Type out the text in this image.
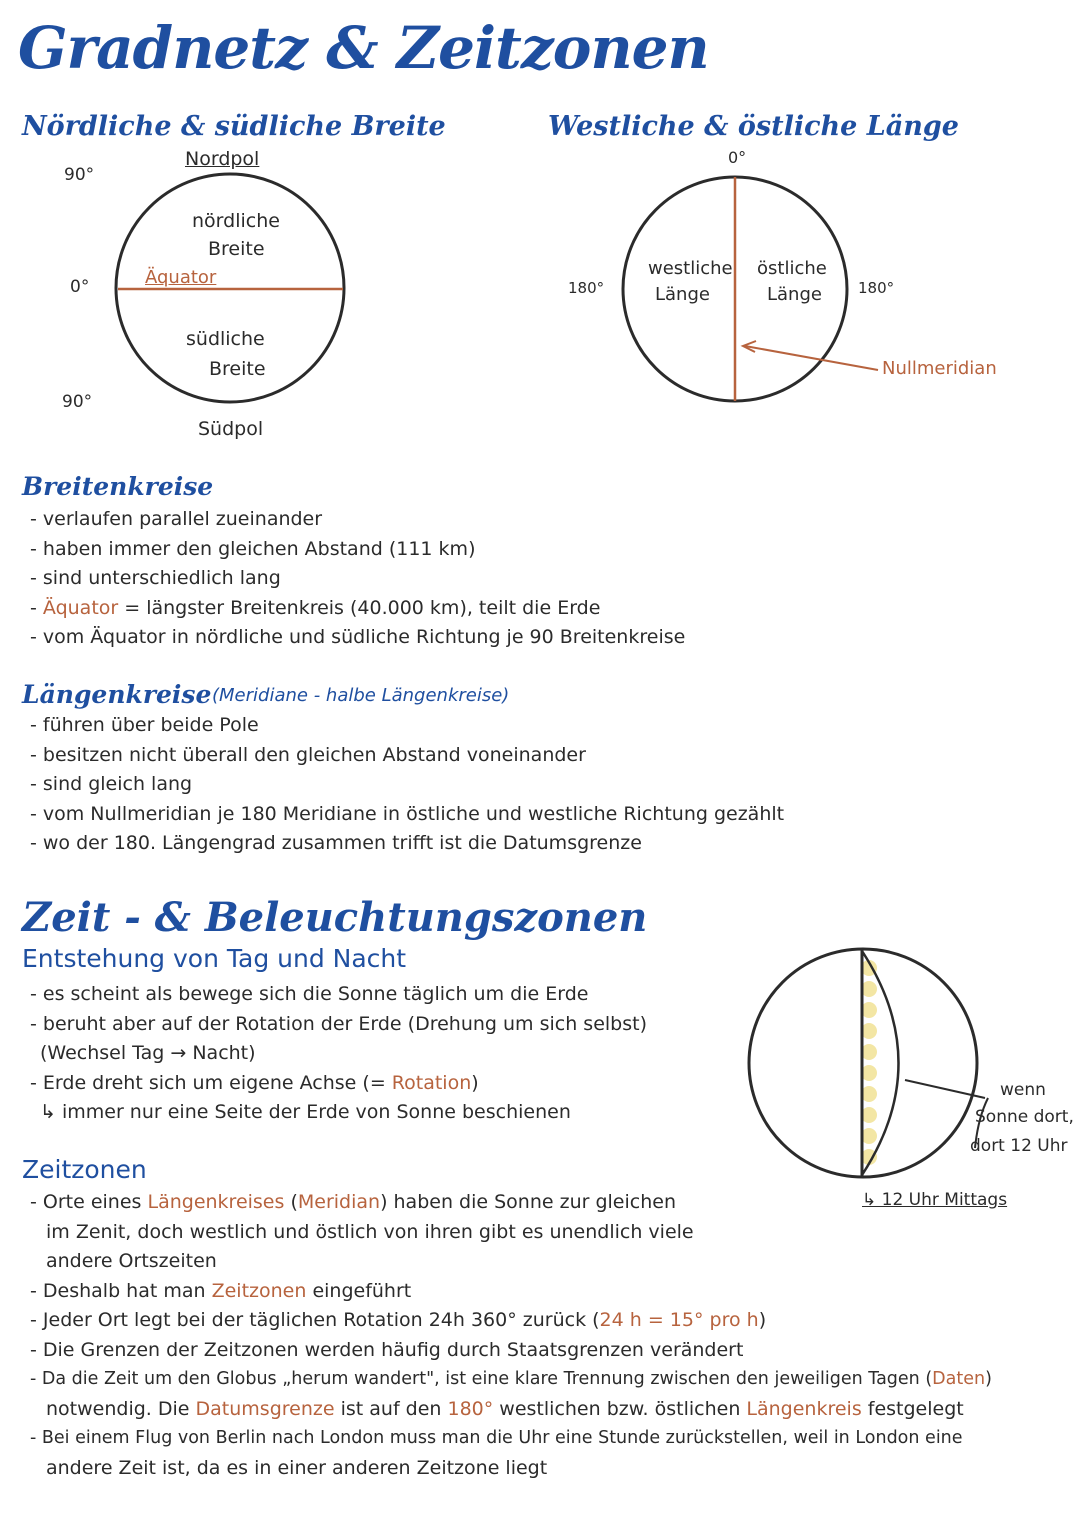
Gradnetz & Zeitzonen
Nördliche & südliche Breite	Westliche & östliche Länge
Nordpol
90°
0°
90°
nördliche
Breite
Äquator
südliche
Breite
Südpol
0°
180°	180°
westliche
Länge
östliche
Länge
Nullmeridian
Breitenkreise
- verlaufen parallel zueinander
- haben immer den gleichen Abstand (111 km)
- sind unterschiedlich lang
- Äquator = längster Breitenkreis (40.000 km), teilt die Erde
- vom Äquator in nördliche und südliche Richtung je 90 Breitenkreise
Längenkreise (Meridiane - halbe Längenkreise)
- führen über beide Pole
- besitzen nicht überall den gleichen Abstand voneinander
- sind gleich lang
- vom Nullmeridian je 180 Meridiane in östliche und westliche Richtung gezählt
- wo der 180. Längengrad zusammen trifft ist die Datumsgrenze
Zeit - & Beleuchtungszonen
Entstehung von Tag und Nacht
- es scheint als bewege sich die Sonne täglich um die Erde
- beruht aber auf der Rotation der Erde (Drehung um sich selbst)
(Wechsel Tag → Nacht)
- Erde dreht sich um eigene Achse (= Rotation)
↳ immer nur eine Seite der Erde von Sonne beschienen
wenn
Sonne dort,
dort 12 Uhr
↳ 12 Uhr Mittags
Zeitzonen
- Orte eines Längenkreises (Meridian) haben die Sonne zur gleichen
im Zenit, doch westlich und östlich von ihren gibt es unendlich viele
andere Ortszeiten
- Deshalb hat man Zeitzonen eingeführt
- Jeder Ort legt bei der täglichen Rotation 24h 360° zurück (24 h = 15° pro h)
- Die Grenzen der Zeitzonen werden häufig durch Staatsgrenzen verändert
- Da die Zeit um den Globus „herum wandert", ist eine klare Trennung zwischen den jeweiligen Tagen (Daten)
notwendig. Die Datumsgrenze ist auf den 180° westlichen bzw. östlichen Längenkreis festgelegt
- Bei einem Flug von Berlin nach London muss man die Uhr eine Stunde zurückstellen, weil in London eine
andere Zeit ist, da es in einer anderen Zeitzone liegt
